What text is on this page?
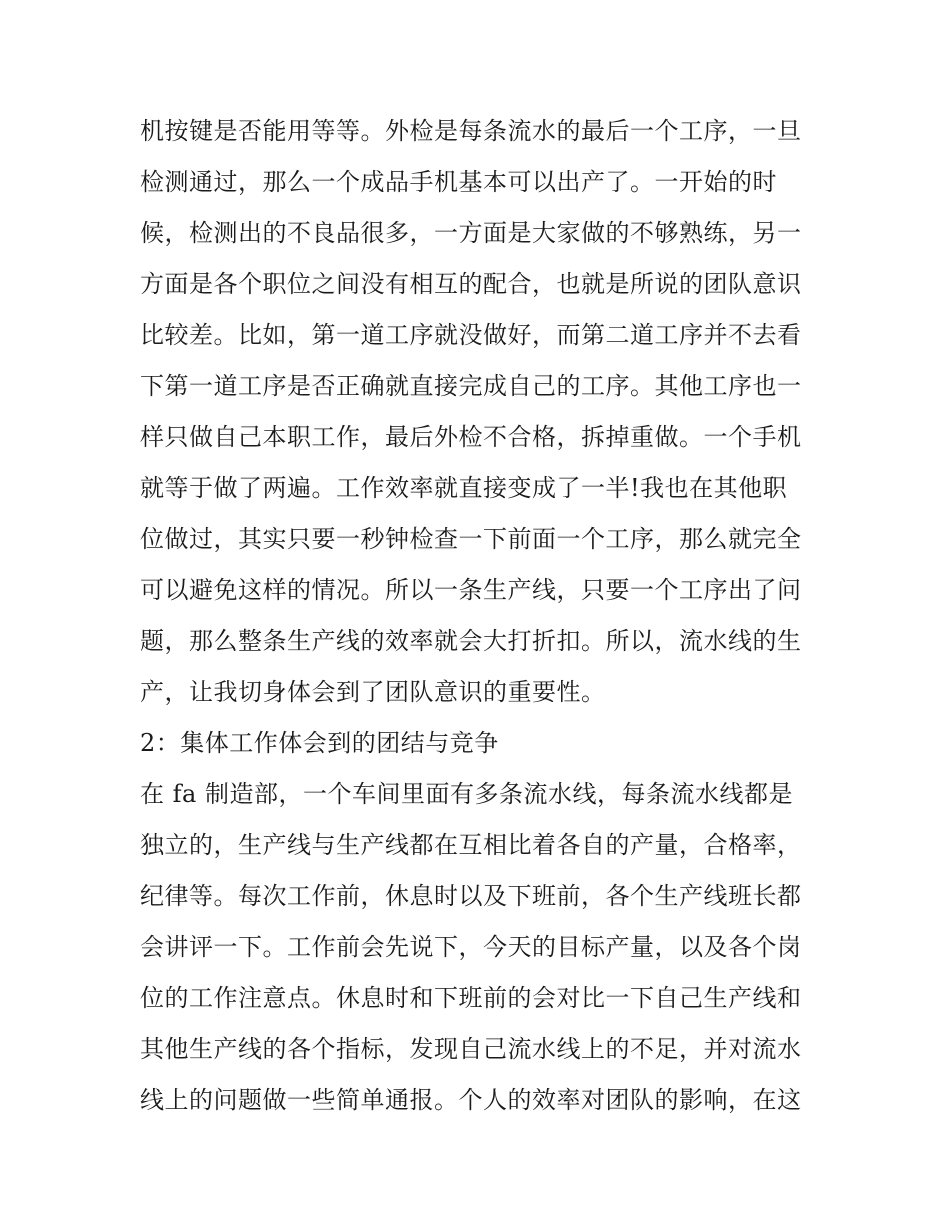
机按键是否能用等等。外检是每条流水的最后一个工序，一旦
检测通过，那么一个成品手机基本可以出产了。一开始的时
候，检测出的不良品很多，一方面是大家做的不够熟练，另一
方面是各个职位之间没有相互的配合，也就是所说的团队意识
比较差。比如，第一道工序就没做好，而第二道工序并不去看
下第一道工序是否正确就直接完成自己的工序。其他工序也一
样只做自己本职工作，最后外检不合格，拆掉重做。一个手机
就等于做了两遍。工作效率就直接变成了一半!我也在其他职
位做过，其实只要一秒钟检查一下前面一个工序，那么就完全
可以避免这样的情况。所以一条生产线，只要一个工序出了问
题，那么整条生产线的效率就会大打折扣。所以，流水线的生
产，让我切身体会到了团队意识的重要性。
2：集体工作体会到的团结与竞争
在 fa 制造部，一个车间里面有多条流水线，每条流水线都是
独立的，生产线与生产线都在互相比着各自的产量，合格率，
纪律等。每次工作前，休息时以及下班前，各个生产线班长都
会讲评一下。工作前会先说下，今天的目标产量，以及各个岗
位的工作注意点。休息时和下班前的会对比一下自己生产线和
其他生产线的各个指标，发现自己流水线上的不足，并对流水
线上的问题做一些简单通报。个人的效率对团队的影响，在这
